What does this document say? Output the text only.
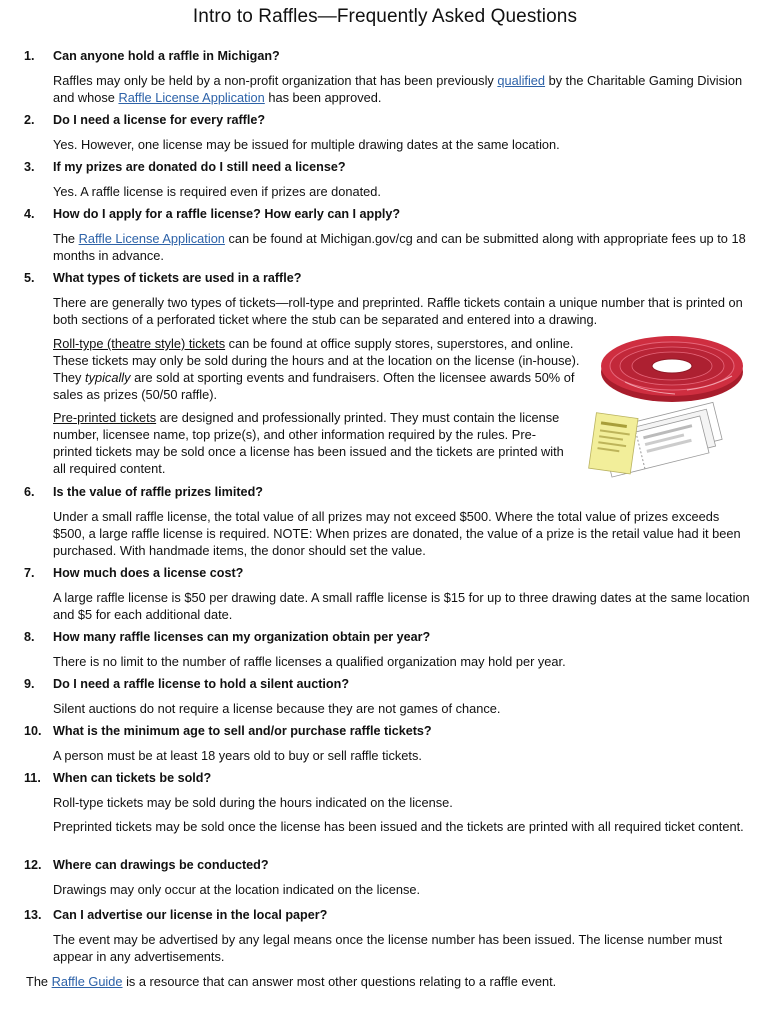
Intro to Raffles—Frequently Asked Questions
1. Can anyone hold a raffle in Michigan?
Raffles may only be held by a non-profit organization that has been previously qualified by the Charitable Gaming Division and whose Raffle License Application has been approved.
2. Do I need a license for every raffle?
Yes. However, one license may be issued for multiple drawing dates at the same location.
3. If my prizes are donated do I still need a license?
Yes. A raffle license is required even if prizes are donated.
4. How do I apply for a raffle license? How early can I apply?
The Raffle License Application can be found at Michigan.gov/cg and can be submitted along with appropriate fees up to 18 months in advance.
5. What types of tickets are used in a raffle?
There are generally two types of tickets—roll-type and preprinted. Raffle tickets contain a unique number that is printed on both sections of a perforated ticket where the stub can be separated and entered into a drawing.
Roll-type (theatre style) tickets can be found at office supply stores, superstores, and online. These tickets may only be sold during the hours and at the location on the license (in-house). They typically are sold at sporting events and fundraisers. Often the licensee awards 50% of sales as prizes (50/50 raffle).
Pre-printed tickets are designed and professionally printed. They must contain the license number, licensee name, top prize(s), and other information required by the rules. Pre-printed tickets may be sold once a license has been issued and the tickets are printed with all required content.
6. Is the value of raffle prizes limited?
Under a small raffle license, the total value of all prizes may not exceed $500. Where the total value of prizes exceeds $500, a large raffle license is required. NOTE: When prizes are donated, the value of a prize is the retail value had it been purchased. With handmade items, the donor should set the value.
7. How much does a license cost?
A large raffle license is $50 per drawing date. A small raffle license is $15 for up to three drawing dates at the same location and $5 for each additional date.
8. How many raffle licenses can my organization obtain per year?
There is no limit to the number of raffle licenses a qualified organization may hold per year.
9. Do I need a raffle license to hold a silent auction?
Silent auctions do not require a license because they are not games of chance.
10. What is the minimum age to sell and/or purchase raffle tickets?
A person must be at least 18 years old to buy or sell raffle tickets.
11. When can tickets be sold?
Roll-type tickets may be sold during the hours indicated on the license.
Preprinted tickets may be sold once the license has been issued and the tickets are printed with all required ticket content.
12. Where can drawings be conducted?
Drawings may only occur at the location indicated on the license.
13. Can I advertise our license in the local paper?
The event may be advertised by any legal means once the license number has been issued. The license number must appear in any advertisements.
The Raffle Guide is a resource that can answer most other questions relating to a raffle event.
